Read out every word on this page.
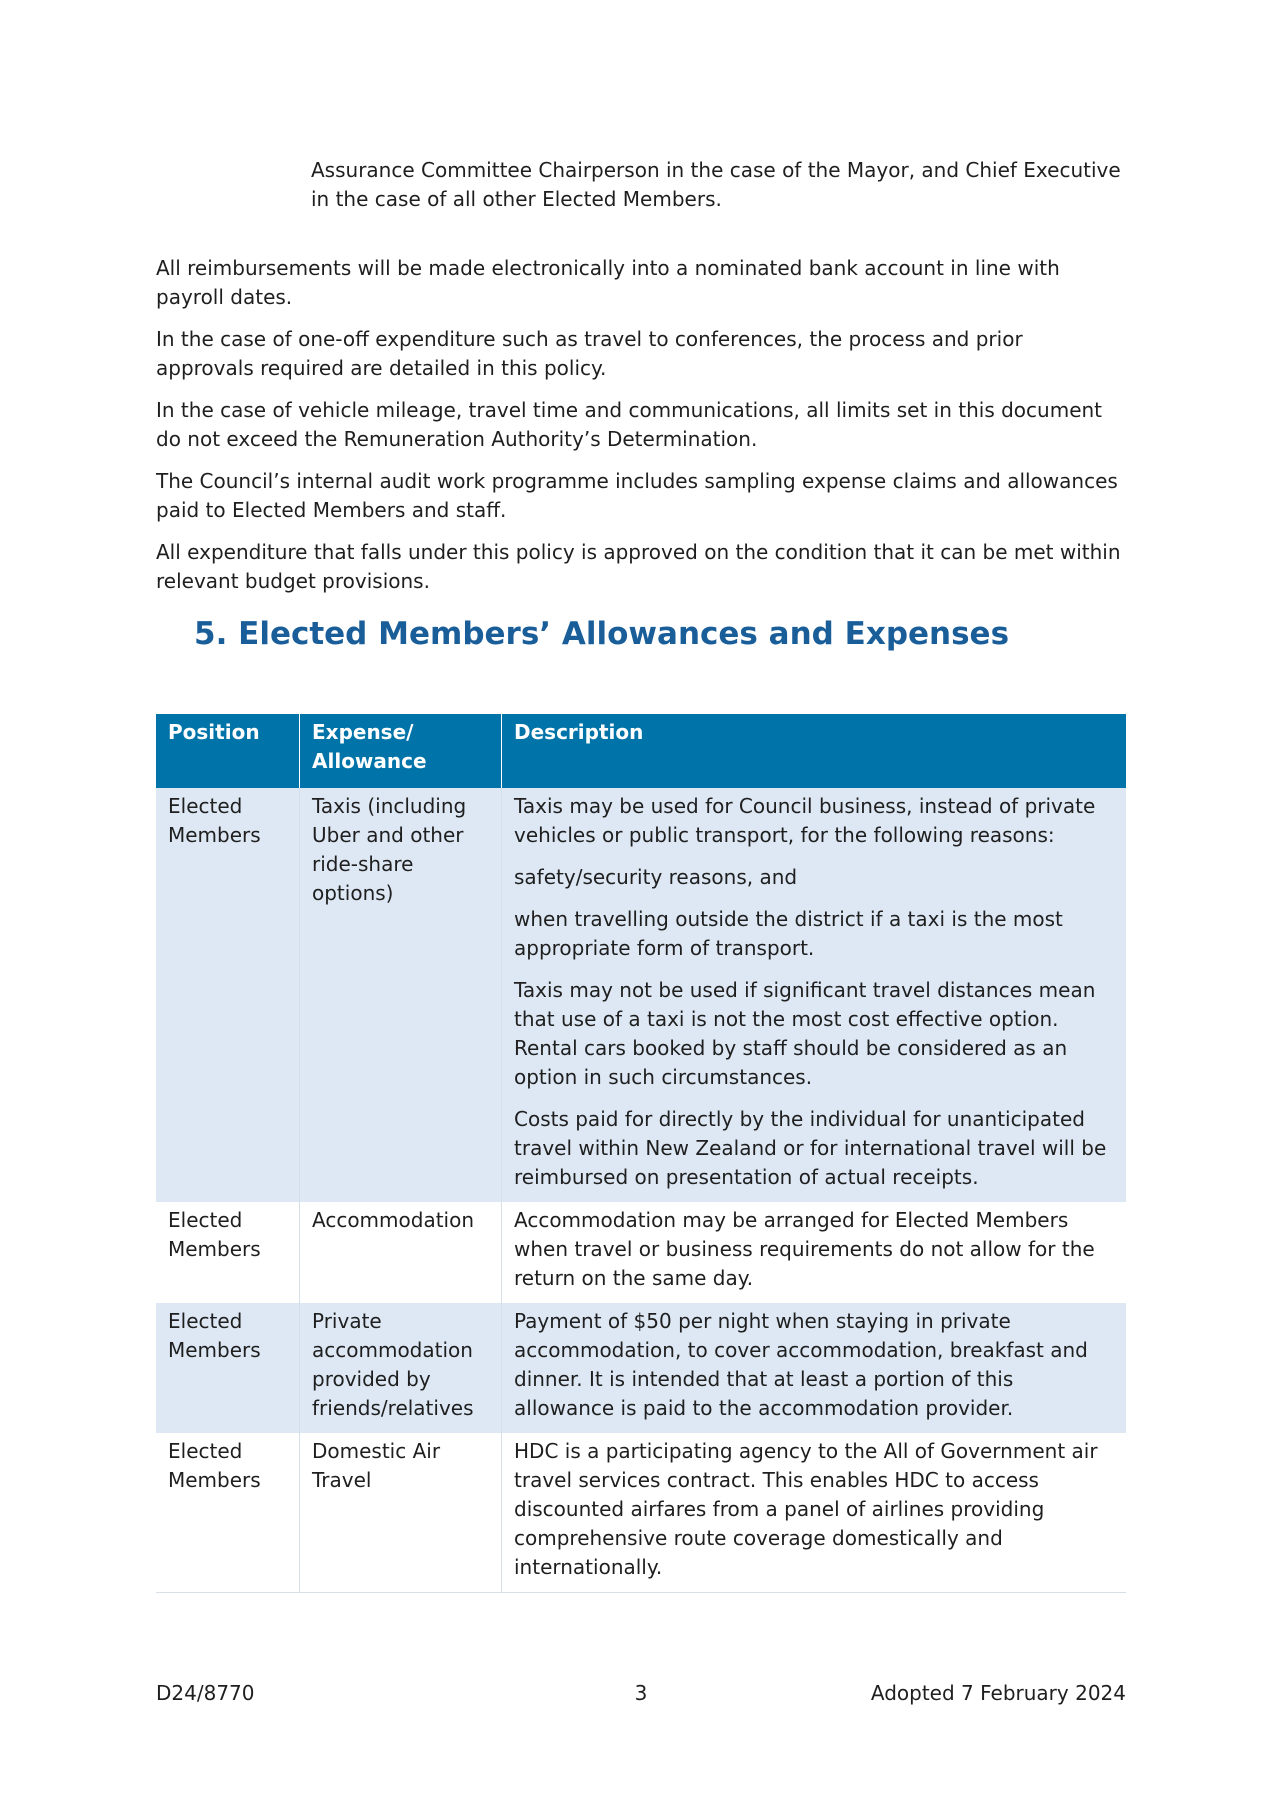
Assurance Committee Chairperson in the case of the Mayor, and Chief Executive in the case of all other Elected Members.

All reimbursements will be made electronically into a nominated bank account in line with payroll dates.

In the case of one-off expenditure such as travel to conferences, the process and prior approvals required are detailed in this policy.

In the case of vehicle mileage, travel time and communications, all limits set in this document do not exceed the Remuneration Authority’s Determination.

The Council’s internal audit work programme includes sampling expense claims and allowances paid to Elected Members and staff.

All expenditure that falls under this policy is approved on the condition that it can be met within relevant budget provisions.

5. Elected Members’ Allowances and Expenses
Position	Expense/ Allowance	Description
Elected Members	Taxis (including Uber and other ride-share options)	Taxis may be used for Council business, instead of private vehicles or public transport, for the following reasons:

safety/security reasons, and

when travelling outside the district if a taxi is the most appropriate form of transport.

Taxis may not be used if significant travel distances mean that use of a taxi is not the most cost effective option. Rental cars booked by staff should be considered as an option in such circumstances.

Costs paid for directly by the individual for unanticipated travel within New Zealand or for international travel will be reimbursed on presentation of actual receipts.

Elected Members	Accommodation	Accommodation may be arranged for Elected Members when travel or business requirements do not allow for the return on the same day.

Elected Members	Private accommodation provided by friends/relatives	Payment of $50 per night when staying in private accommodation, to cover accommodation, breakfast and dinner. It is intended that at least a portion of this allowance is paid to the accommodation provider.

Elected Members	Domestic Air Travel	HDC is a participating agency to the All of Government air travel services contract. This enables HDC to access discounted airfares from a panel of airlines providing comprehensive route coverage domestically and internationally.

D24/8770	3	Adopted 7 February 2024
